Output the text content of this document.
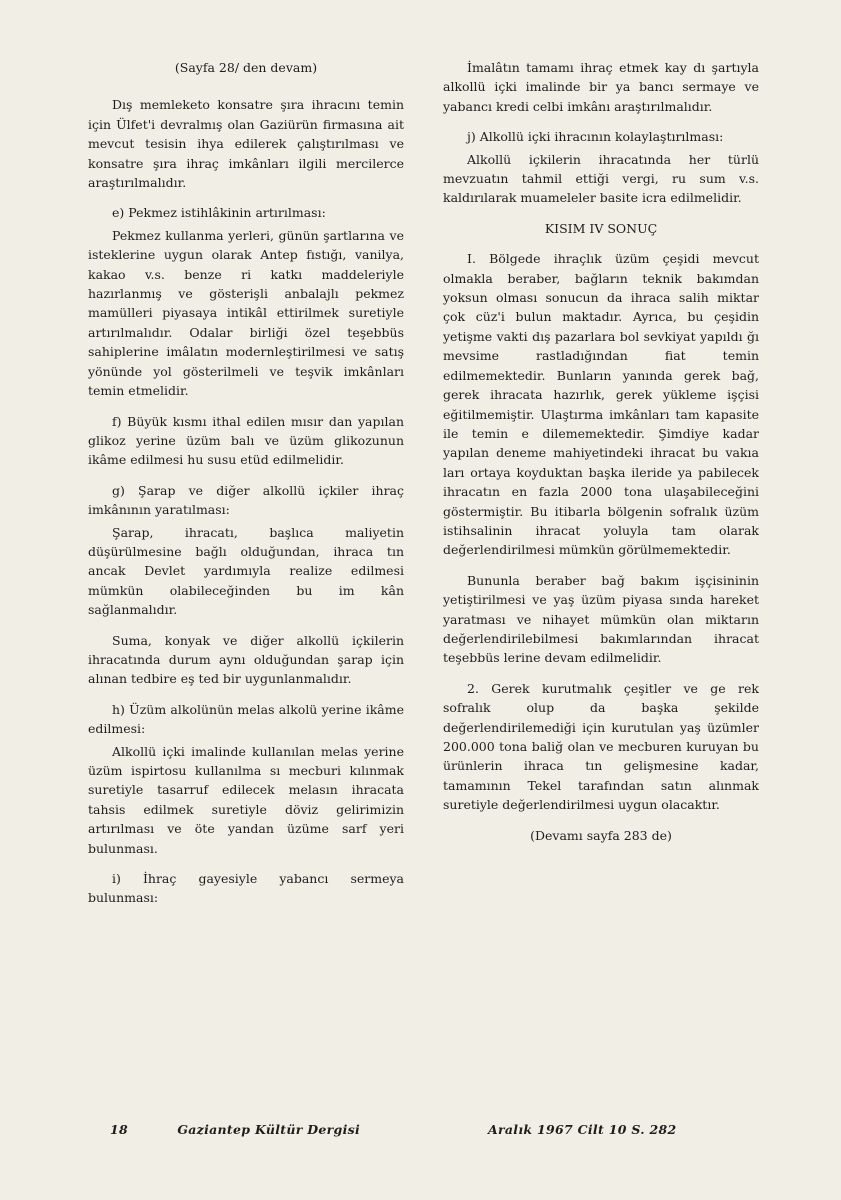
(Sayfa 28/ den devam)

Dış memleketo konsatre şıra ihracını temin için Ülfet'i devralmış olan Gaziürün firmasına ait mevcut tesisin ihya edilerek çalıştırılması ve konsatre şıra ihraç imkânları ilgili mercilerce araştırılmalıdır.

e) Pekmez istihlâkinin artırılması:

Pekmez kullanma yerleri, günün şartlarına ve isteklerine uygun olarak Antep fıstığı, vanilya, kakao v.s. benze ri katkı maddeleriyle hazırlanmış ve gösterişli anbalajlı pekmez mamülleri piyasaya intikâl ettirilmek suretiyle artırılmalıdır. Odalar birliği özel teşebbüs sahiplerine imâlatın modernleştirilmesi ve satış yönünde yol gösterilmeli ve teşvik imkânları temin etmelidir.

f) Büyük kısmı ithal edilen mısır dan yapılan glikoz yerine üzüm balı ve üzüm glikozunun ikâme edilmesi hu susu etüd edilmelidir.

g) Şarap ve diğer alkollü içkiler ihraç imkânının yaratılması:

Şarap, ihracatı, başlıca maliyetin düşürülmesine bağlı olduğundan, ihraca tın ancak Devlet yardımıyla realize edilmesi mümkün olabileceğinden bu im kân sağlanmalıdır.

Suma, konyak ve diğer alkollü içkilerin ihracatında durum aynı olduğundan şarap için alınan tedbire eş ted bir uygunlanmalıdır.

h) Üzüm alkolünün melas alkolü yerine ikâme edilmesi:

Alkollü içki imalinde kullanılan melas yerine üzüm ispirtosu kullanılma sı mecburi kılınmak suretiyle tasarruf edilecek melasın ihracata tahsis edilmek suretiyle döviz gelirimizin artırılması ve öte yandan üzüme sarf yeri bulunması.

i) İhraç gayesiyle yabancı sermeya bulunması:

İmalâtın tamamı ihraç etmek kay dı şartıyla alkollü içki imalinde bir ya bancı sermaye ve yabancı kredi celbi imkânı araştırılmalıdır.

j) Alkollü içki ihracının kolaylaştırılması:

Alkollü içkilerin ihracatında her türlü mevzuatın tahmil ettiği vergi, ru sum v.s. kaldırılarak muameleler basite icra edilmelidir.

KISIM IV SONUÇ

I. Bölgede ihraçlık üzüm çeşidi mevcut olmakla beraber, bağların teknik bakımdan yoksun olması sonucun da ihraca salih miktar çok cüz'i bulun maktadır. Ayrıca, bu çeşidin yetişme vakti dış pazarlara bol sevkiyat yapıldı ğı mevsime rastladığından fiat temin edilmemektedir. Bunların yanında gerek bağ, gerek ihracata hazırlık, gerek yükleme işçisi eğitilmemiştir. Ulaştırma imkânları tam kapasite ile temin e dilememektedir. Şimdiye kadar yapılan deneme mahiyetindeki ihracat bu vakıa ları ortaya koyduktan başka ileride ya pabilecek ihracatın en fazla 2000 tona ulaşabileceğini göstermiştir. Bu itibarla bölgenin sofralık üzüm istihsalinin ihracat yoluyla tam olarak değerlendirilmesi mümkün görülmemektedir.

Bununla beraber bağ bakım işçisininin yetiştirilmesi ve yaş üzüm piyasa sında hareket yaratması ve nihayet mümkün olan miktarın değerlendirilebilmesi bakımlarından ihracat teşebbüs lerine devam edilmelidir.

2. Gerek kurutmalık çeşitler ve ge rek sofralık olup da başka şekilde değerlendirilemediği için kurutulan yaş üzümler 200.000 tona baliğ olan ve mecburen kuruyan bu ürünlerin ihraca tın gelişmesine kadar, tamamının Tekel tarafından satın alınmak suretiyle değerlendirilmesi uygun olacaktır.

(Devamı sayfa 283 de)

18	Gaziantep Kültür Dergisi	Aralık 1967 Cilt 10 S. 282
